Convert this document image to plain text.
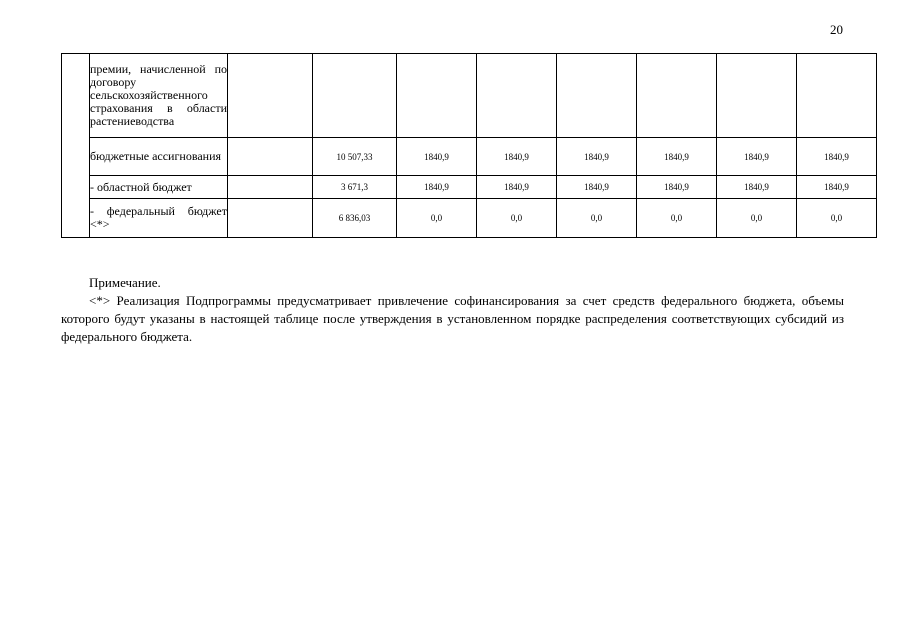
20
	премии, начисленной по договору сельскохозяйственного страхования в области растениеводства								
	бюджетные ассигнования		10 507,33	1840,9	1840,9	1840,9	1840,9	1840,9	1840,9
	- областной бюджет		3 671,3	1840,9	1840,9	1840,9	1840,9	1840,9	1840,9
	- федеральный бюджет <*>		6 836,03	0,0	0,0	0,0	0,0	0,0	0,0

Примечание.

<*> Реализация Подпрограммы предусматривает привлечение софинансирования за счет средств федерального бюджета, объемы которого будут указаны в настоящей таблице после утверждения в установленном порядке распределения соответствующих субсидий из федерального бюджета.
